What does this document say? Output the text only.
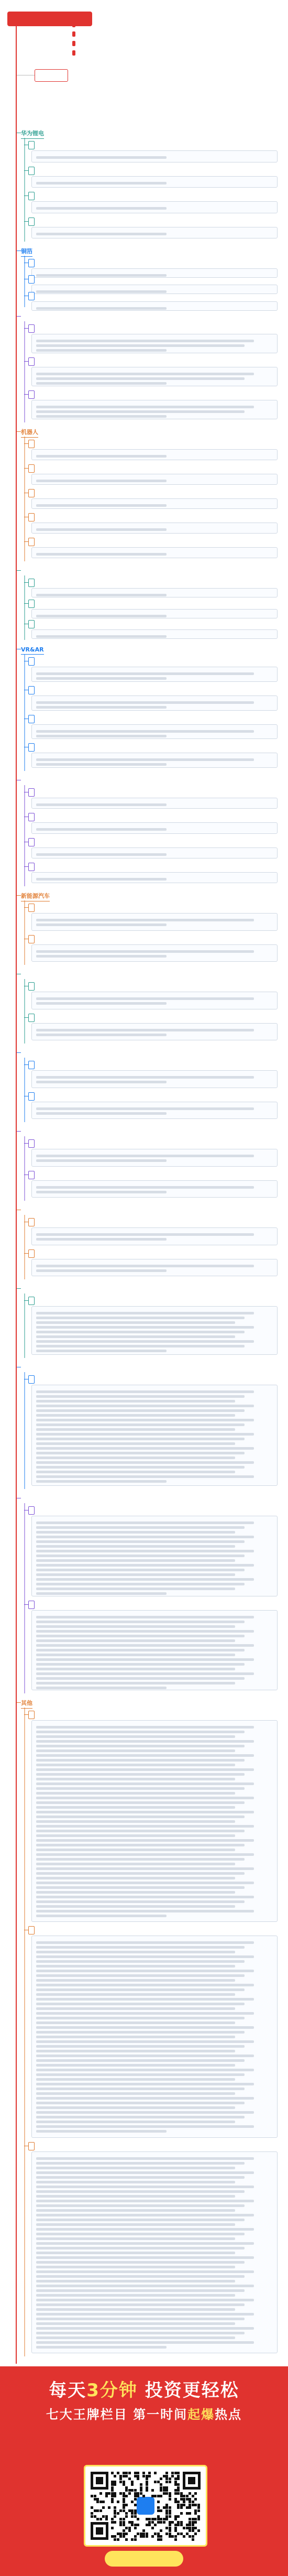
华为锂电
铜箔
机器人
VR&AR
新能源汽车
其他
每天3分钟 投资更轻松
七大王牌栏目 第一时间起爆热点
